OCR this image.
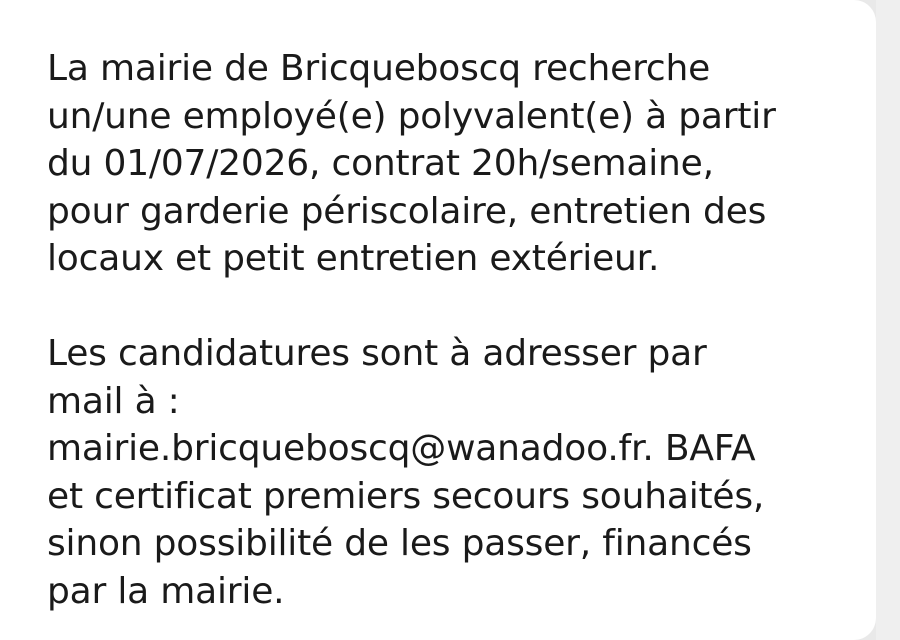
La mairie de Bricqueboscq recherche
un/une employé(e) polyvalent(e) à partir
du 01/07/2026, contrat 20h/semaine,
pour garderie périscolaire, entretien des
locaux et petit entretien extérieur.
Les candidatures sont à adresser par
mail à :
mairie.bricqueboscq@wanadoo.fr. BAFA
et certificat premiers secours souhaités,
sinon possibilité de les passer, financés
par la mairie.
